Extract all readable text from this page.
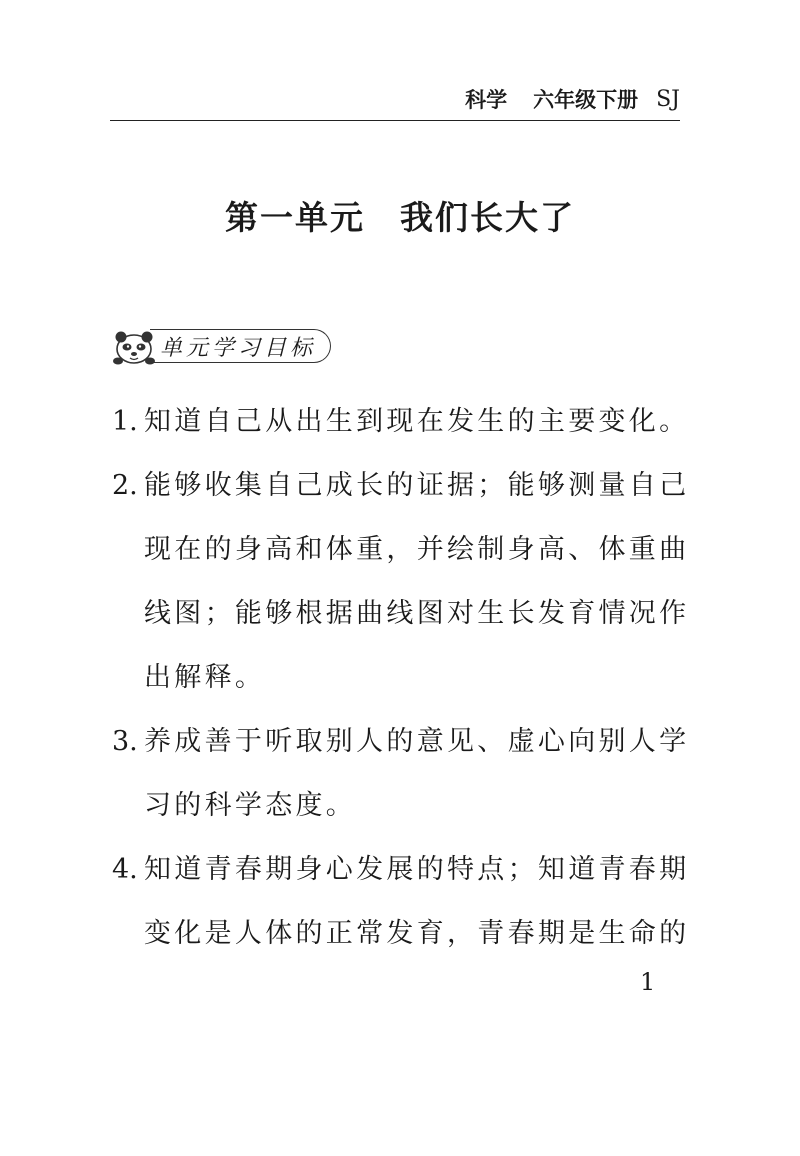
科学 六年级下册 SJ
第一单元　我们长大了
单元学习目标
1. 知道自己从出生到现在发生的主要变化。
2. 能够收集自己成长的证据；能够测量自己现在的身高和体重，并绘制身高、体重曲线图；能够根据曲线图对生长发育情况作出解释。
3. 养成善于听取别人的意见、虚心向别人学习的科学态度。
4. 知道青春期身心发展的特点；知道青春期变化是人体的正常发育，青春期是生命的
1
